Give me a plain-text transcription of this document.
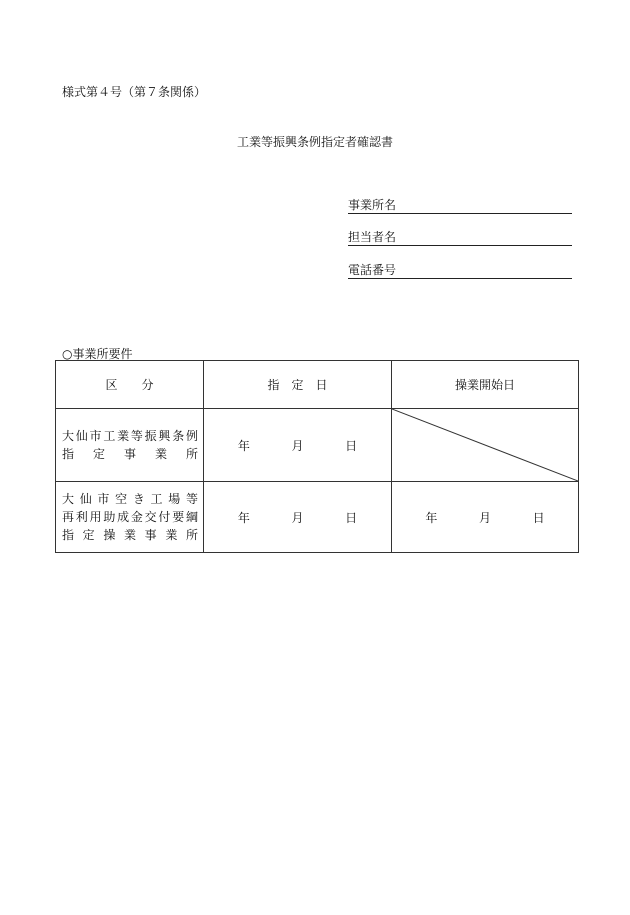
様式第４号（第７条関係）
工業等振興条例指定者確認書
事業所名
担当者名
電話番号
○事業所要件
区　　分	指　定　日	操業開始日

大仙市工業等振興条例
指定事業所	年 月 日	

大仙市空き工場等
再利用助成金交付要綱
指定操業事業所	年 月 日	年 月 日
